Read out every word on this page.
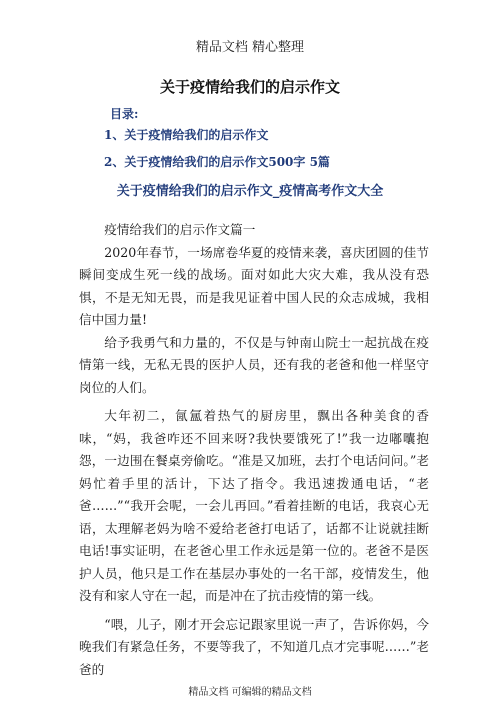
精品文档 精心整理
关于疫情给我们的启示作文
目录:
1、关于疫情给我们的启示作文
2、关于疫情给我们的启示作文500字 5篇
关于疫情给我们的启示作文_疫情高考作文大全

疫情给我们的启示作文篇一

2020年春节，一场席卷华夏的疫情来袭，喜庆团圆的佳节瞬间变成生死一线的战场。面对如此大灾大难，我从没有恐惧，不是无知无畏，而是我见证着中国人民的众志成城，我相信中国力量!

给予我勇气和力量的，不仅是与钟南山院士一起抗战在疫情第一线，无私无畏的医护人员，还有我的老爸和他一样坚守岗位的人们。

大年初二，氤氲着热气的厨房里，飘出各种美食的香味，“妈，我爸咋还不回来呀?我快要饿死了!”我一边嘟囔抱怨，一边围在餐桌旁偷吃。“准是又加班，去打个电话问问。”老妈忙着手里的活计，下达了指令。我迅速拨通电话，“老爸……”“我开会呢，一会儿再回。”看着挂断的电话，我哀心无语，太理解老妈为啥不爱给老爸打电话了，话都不让说就挂断电话!事实证明，在老爸心里工作永远是第一位的。老爸不是医护人员，他只是工作在基层办事处的一名干部，疫情发生，他没有和家人守在一起，而是冲在了抗击疫情的第一线。

“喂，儿子，刚才开会忘记跟家里说一声了，告诉你妈，今晚我们有紧急任务，不要等我了，不知道几点才完事呢……”老爸的

精品文档 可编辑的精品文档
